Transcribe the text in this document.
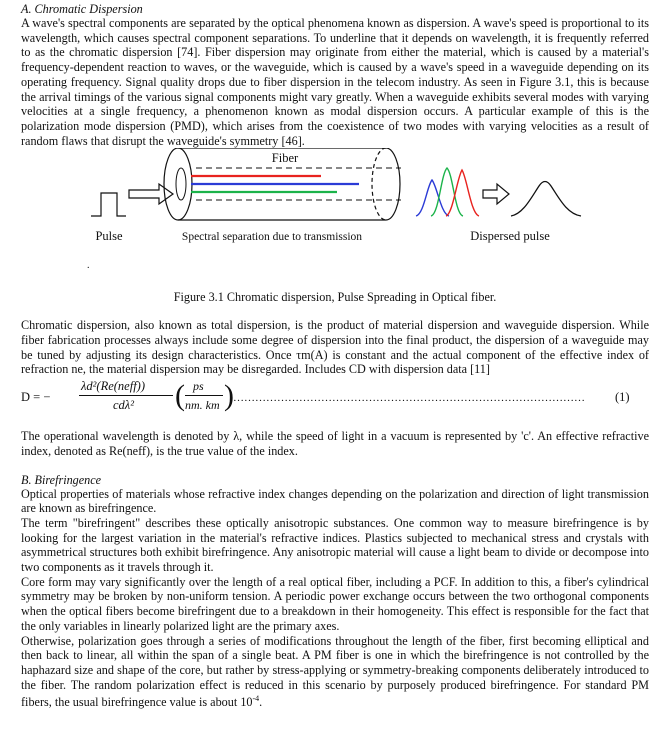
A. Chromatic Dispersion

A wave's spectral components are separated by the optical phenomena known as dispersion. A wave's speed is proportional to its wavelength, which causes spectral component separations. To underline that it depends on wavelength, it is frequently referred to as the chromatic dispersion [74]. Fiber dispersion may originate from either the material, which is caused by a material's frequency-dependent reaction to waves, or the waveguide, which is caused by a wave's speed in a waveguide depending on its operating frequency. Signal quality drops due to fiber dispersion in the telecom industry. As seen in Figure 3.1, this is because the arrival timings of the various signal components might vary greatly. When a waveguide exhibits several modes with varying velocities at a single frequency, a phenomenon known as modal dispersion occurs. A particular example of this is the polarization mode dispersion (PMD), which arises from the coexistence of two modes with varying velocities as a result of random flaws that disrupt the waveguide's symmetry [46].

Fiber
Pulse	Spectral separation due to transmission	Dispersed pulse
.

Figure 3.1 Chromatic dispersion, Pulse Spreading in Optical fiber.

Chromatic dispersion, also known as total dispersion, is the product of material dispersion and waveguide dispersion. While fiber fabrication processes always include some degree of dispersion into the final product, the dispersion of a waveguide may be tuned by adjusting its design characteristics. Once τm(A) is constant and the actual component of the effective index of refraction ne, the material dispersion may be disregarded. Includes CD with dispersion data [11]

D = −
λd²(Re(neff))
cdλ² ( ps
nm. km ) ……………………………………………………………………………………	(1)

The operational wavelength is denoted by λ, while the speed of light in a vacuum is represented by 'c'. An effective refractive index, denoted as Re(neff), is the true value of the index.

B. Birefringence

Optical properties of materials whose refractive index changes depending on the polarization and direction of light transmission are known as birefringence.

The term "birefringent" describes these optically anisotropic substances. One common way to measure birefringence is by looking for the largest variation in the material's refractive indices. Plastics subjected to mechanical stress and crystals with asymmetrical structures both exhibit birefringence. Any anisotropic material will cause a light beam to divide or decompose into two components as it travels through it.

Core form may vary significantly over the length of a real optical fiber, including a PCF. In addition to this, a fiber's cylindrical symmetry may be broken by non-uniform tension. A periodic power exchange occurs between the two orthogonal components when the optical fibers become birefringent due to a breakdown in their homogeneity. This effect is responsible for the fact that the only variables in linearly polarized light are the primary axes.

Otherwise, polarization goes through a series of modifications throughout the length of the fiber, first becoming elliptical and then back to linear, all within the span of a single beat. A PM fiber is one in which the birefringence is not controlled by the haphazard size and shape of the core, but rather by stress-applying or symmetry-breaking components deliberately introduced to the fiber. The random polarization effect is reduced in this scenario by purposely produced birefringence. For standard PM fibers, the usual birefringence value is about $10^{-4}$.
